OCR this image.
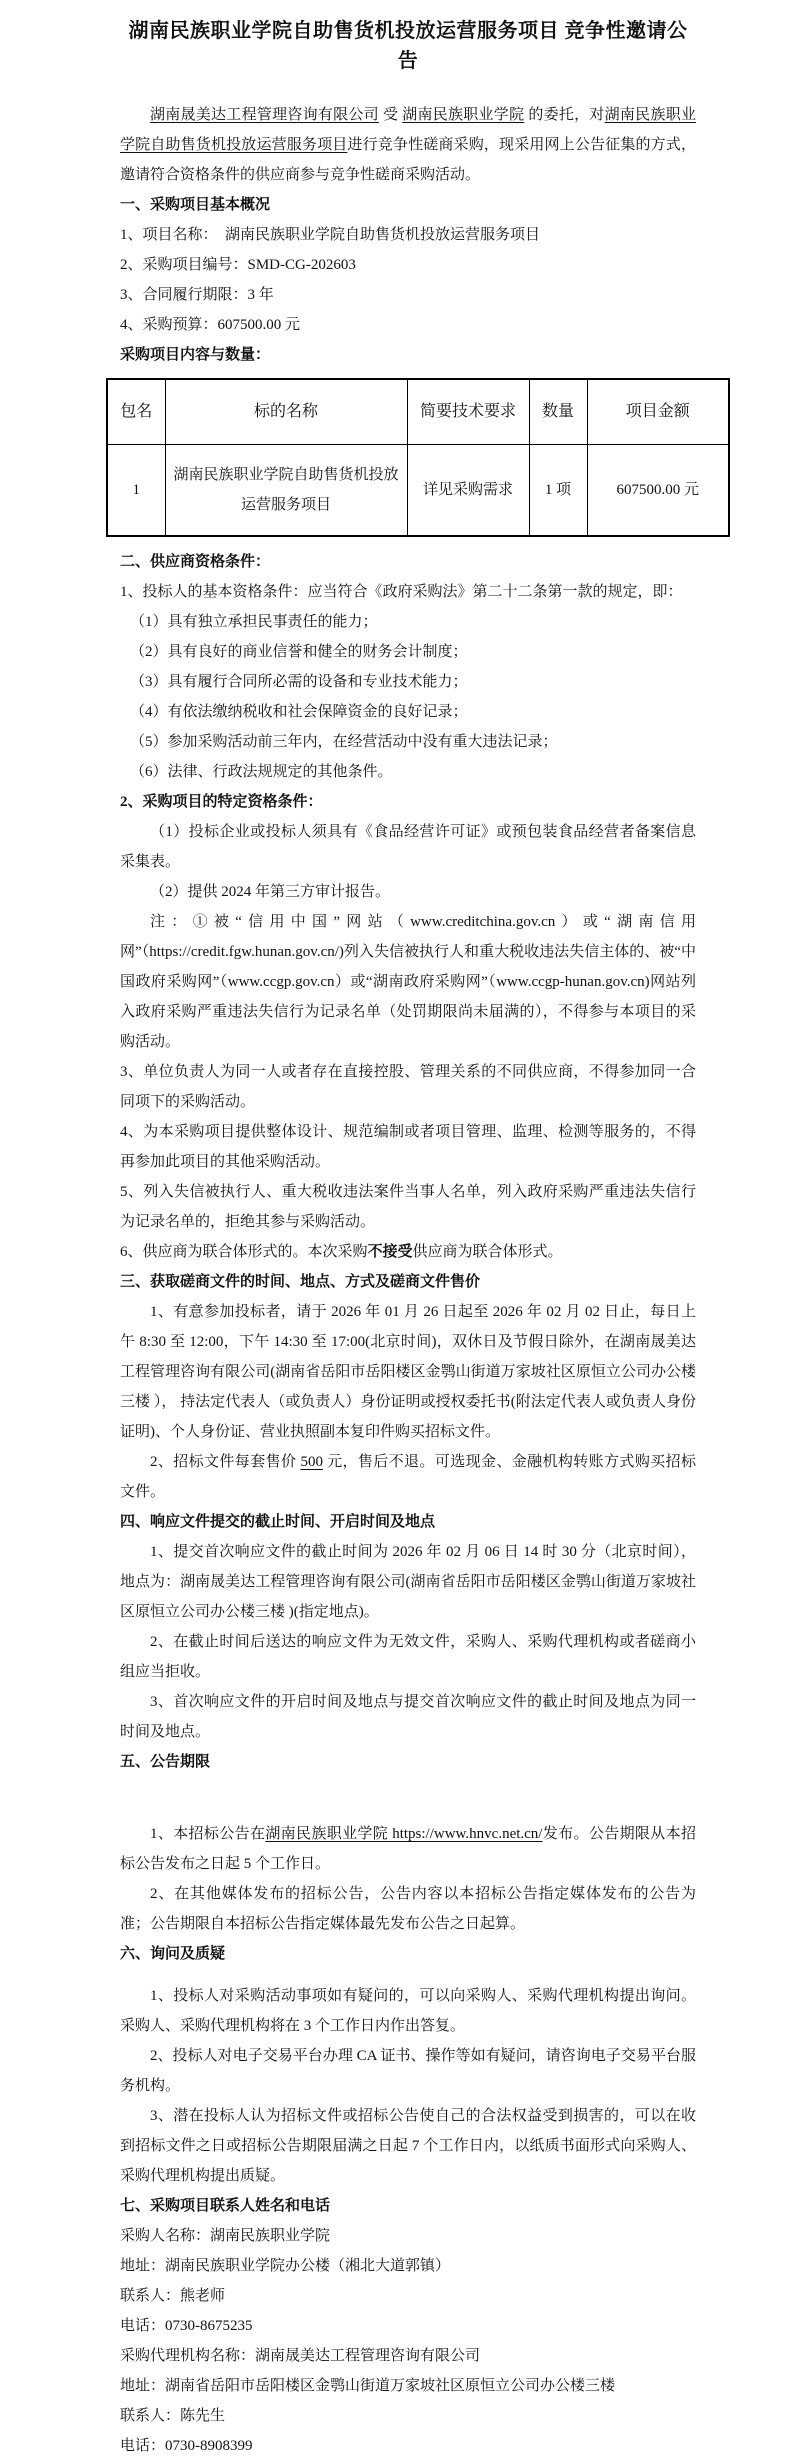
湖南民族职业学院自助售货机投放运营服务项目 竞争性邀请公告

湖南晟美达工程管理咨询有限公司 受 湖南民族职业学院 的委托，对湖南民族职业学院自助售货机投放运营服务项目进行竞争性磋商采购，现采用网上公告征集的方式，邀请符合资格条件的供应商参与竞争性磋商采购活动。

一、采购项目基本概况

1、项目名称：　湖南民族职业学院自助售货机投放运营服务项目

2、采购项目编号：SMD-CG-202603

3、合同履行期限：3 年

4、采购预算：607500.00 元

采购项目内容与数量：

包名	标的名称	简要技术要求	数量	项目金额
1	湖南民族职业学院自助售货机投放运营服务项目	详见采购需求	1 项	607500.00 元

二、供应商资格条件：

1、投标人的基本资格条件：应当符合《政府采购法》第二十二条第一款的规定，即：

（1）具有独立承担民事责任的能力；

（2）具有良好的商业信誉和健全的财务会计制度；

（3）具有履行合同所必需的设备和专业技术能力；

（4）有依法缴纳税收和社会保障资金的良好记录；

（5）参加采购活动前三年内，在经营活动中没有重大违法记录；

（6）法律、行政法规规定的其他条件。

2、采购项目的特定资格条件：

（1）投标企业或投标人须具有《食品经营许可证》或预包装食品经营者备案信息采集表。

（2）提供 2024 年第三方审计报告。

注：①被“信用中国”网站（www.creditchina.gov.cn）或“湖南信用网”（https://credit.fgw.hunan.gov.cn/)列入失信被执行人和重大税收违法失信主体的、被“中国政府采购网”（www.ccgp.gov.cn）或“湖南政府采购网”（www.ccgp-hunan.gov.cn)网站列入政府采购严重违法失信行为记录名单（处罚期限尚未届满的），不得参与本项目的采购活动。

3、单位负责人为同一人或者存在直接控股、管理关系的不同供应商，不得参加同一合同项下的采购活动。

4、为本采购项目提供整体设计、规范编制或者项目管理、监理、检测等服务的，不得再参加此项目的其他采购活动。

5、列入失信被执行人、重大税收违法案件当事人名单，列入政府采购严重违法失信行为记录名单的，拒绝其参与采购活动。

6、供应商为联合体形式的。本次采购不接受供应商为联合体形式。

三、获取磋商文件的时间、地点、方式及磋商文件售价

1、有意参加投标者，请于 2026 年 01 月 26 日起至 2026 年 02 月 02 日止，每日上午 8:30 至 12:00，下午 14:30 至 17:00(北京时间)，双休日及节假日除外，在湖南晟美达工程管理咨询有限公司(湖南省岳阳市岳阳楼区金鹗山街道万家坡社区原恒立公司办公楼三楼 ）， 持法定代表人（或负责人）身份证明或授权委托书(附法定代表人或负责人身份证明)、个人身份证、营业执照副本复印件购买招标文件。

2、招标文件每套售价 500 元，售后不退。可选现金、金融机构转账方式购买招标文件。

四、响应文件提交的截止时间、开启时间及地点

1、提交首次响应文件的截止时间为 2026 年 02 月 06 日 14 时 30 分（北京时间），地点为：湖南晟美达工程管理咨询有限公司(湖南省岳阳市岳阳楼区金鹗山街道万家坡社区原恒立公司办公楼三楼 )(指定地点)。

2、在截止时间后送达的响应文件为无效文件，采购人、采购代理机构或者磋商小组应当拒收。

3、首次响应文件的开启时间及地点与提交首次响应文件的截止时间及地点为同一时间及地点。

五、公告期限

1、本招标公告在湖南民族职业学院 https://www.hnvc.net.cn/发布。公告期限从本招标公告发布之日起 5 个工作日。

2、在其他媒体发布的招标公告，公告内容以本招标公告指定媒体发布的公告为准；公告期限自本招标公告指定媒体最先发布公告之日起算。

六、询问及质疑

1、投标人对采购活动事项如有疑问的，可以向采购人、采购代理机构提出询问。采购人、采购代理机构将在 3 个工作日内作出答复。

2、投标人对电子交易平台办理 CA 证书、操作等如有疑问，请咨询电子交易平台服务机构。

3、潜在投标人认为招标文件或招标公告使自己的合法权益受到损害的，可以在收到招标文件之日或招标公告期限届满之日起 7 个工作日内，以纸质书面形式向采购人、采购代理机构提出质疑。

七、采购项目联系人姓名和电话

采购人名称：湖南民族职业学院

地址：湖南民族职业学院办公楼（湘北大道郭镇）

联系人：熊老师

电话：0730-8675235

采购代理机构名称：湖南晟美达工程管理咨询有限公司

地址：湖南省岳阳市岳阳楼区金鹗山街道万家坡社区原恒立公司办公楼三楼

联系人：陈先生

电话：0730-8908399
